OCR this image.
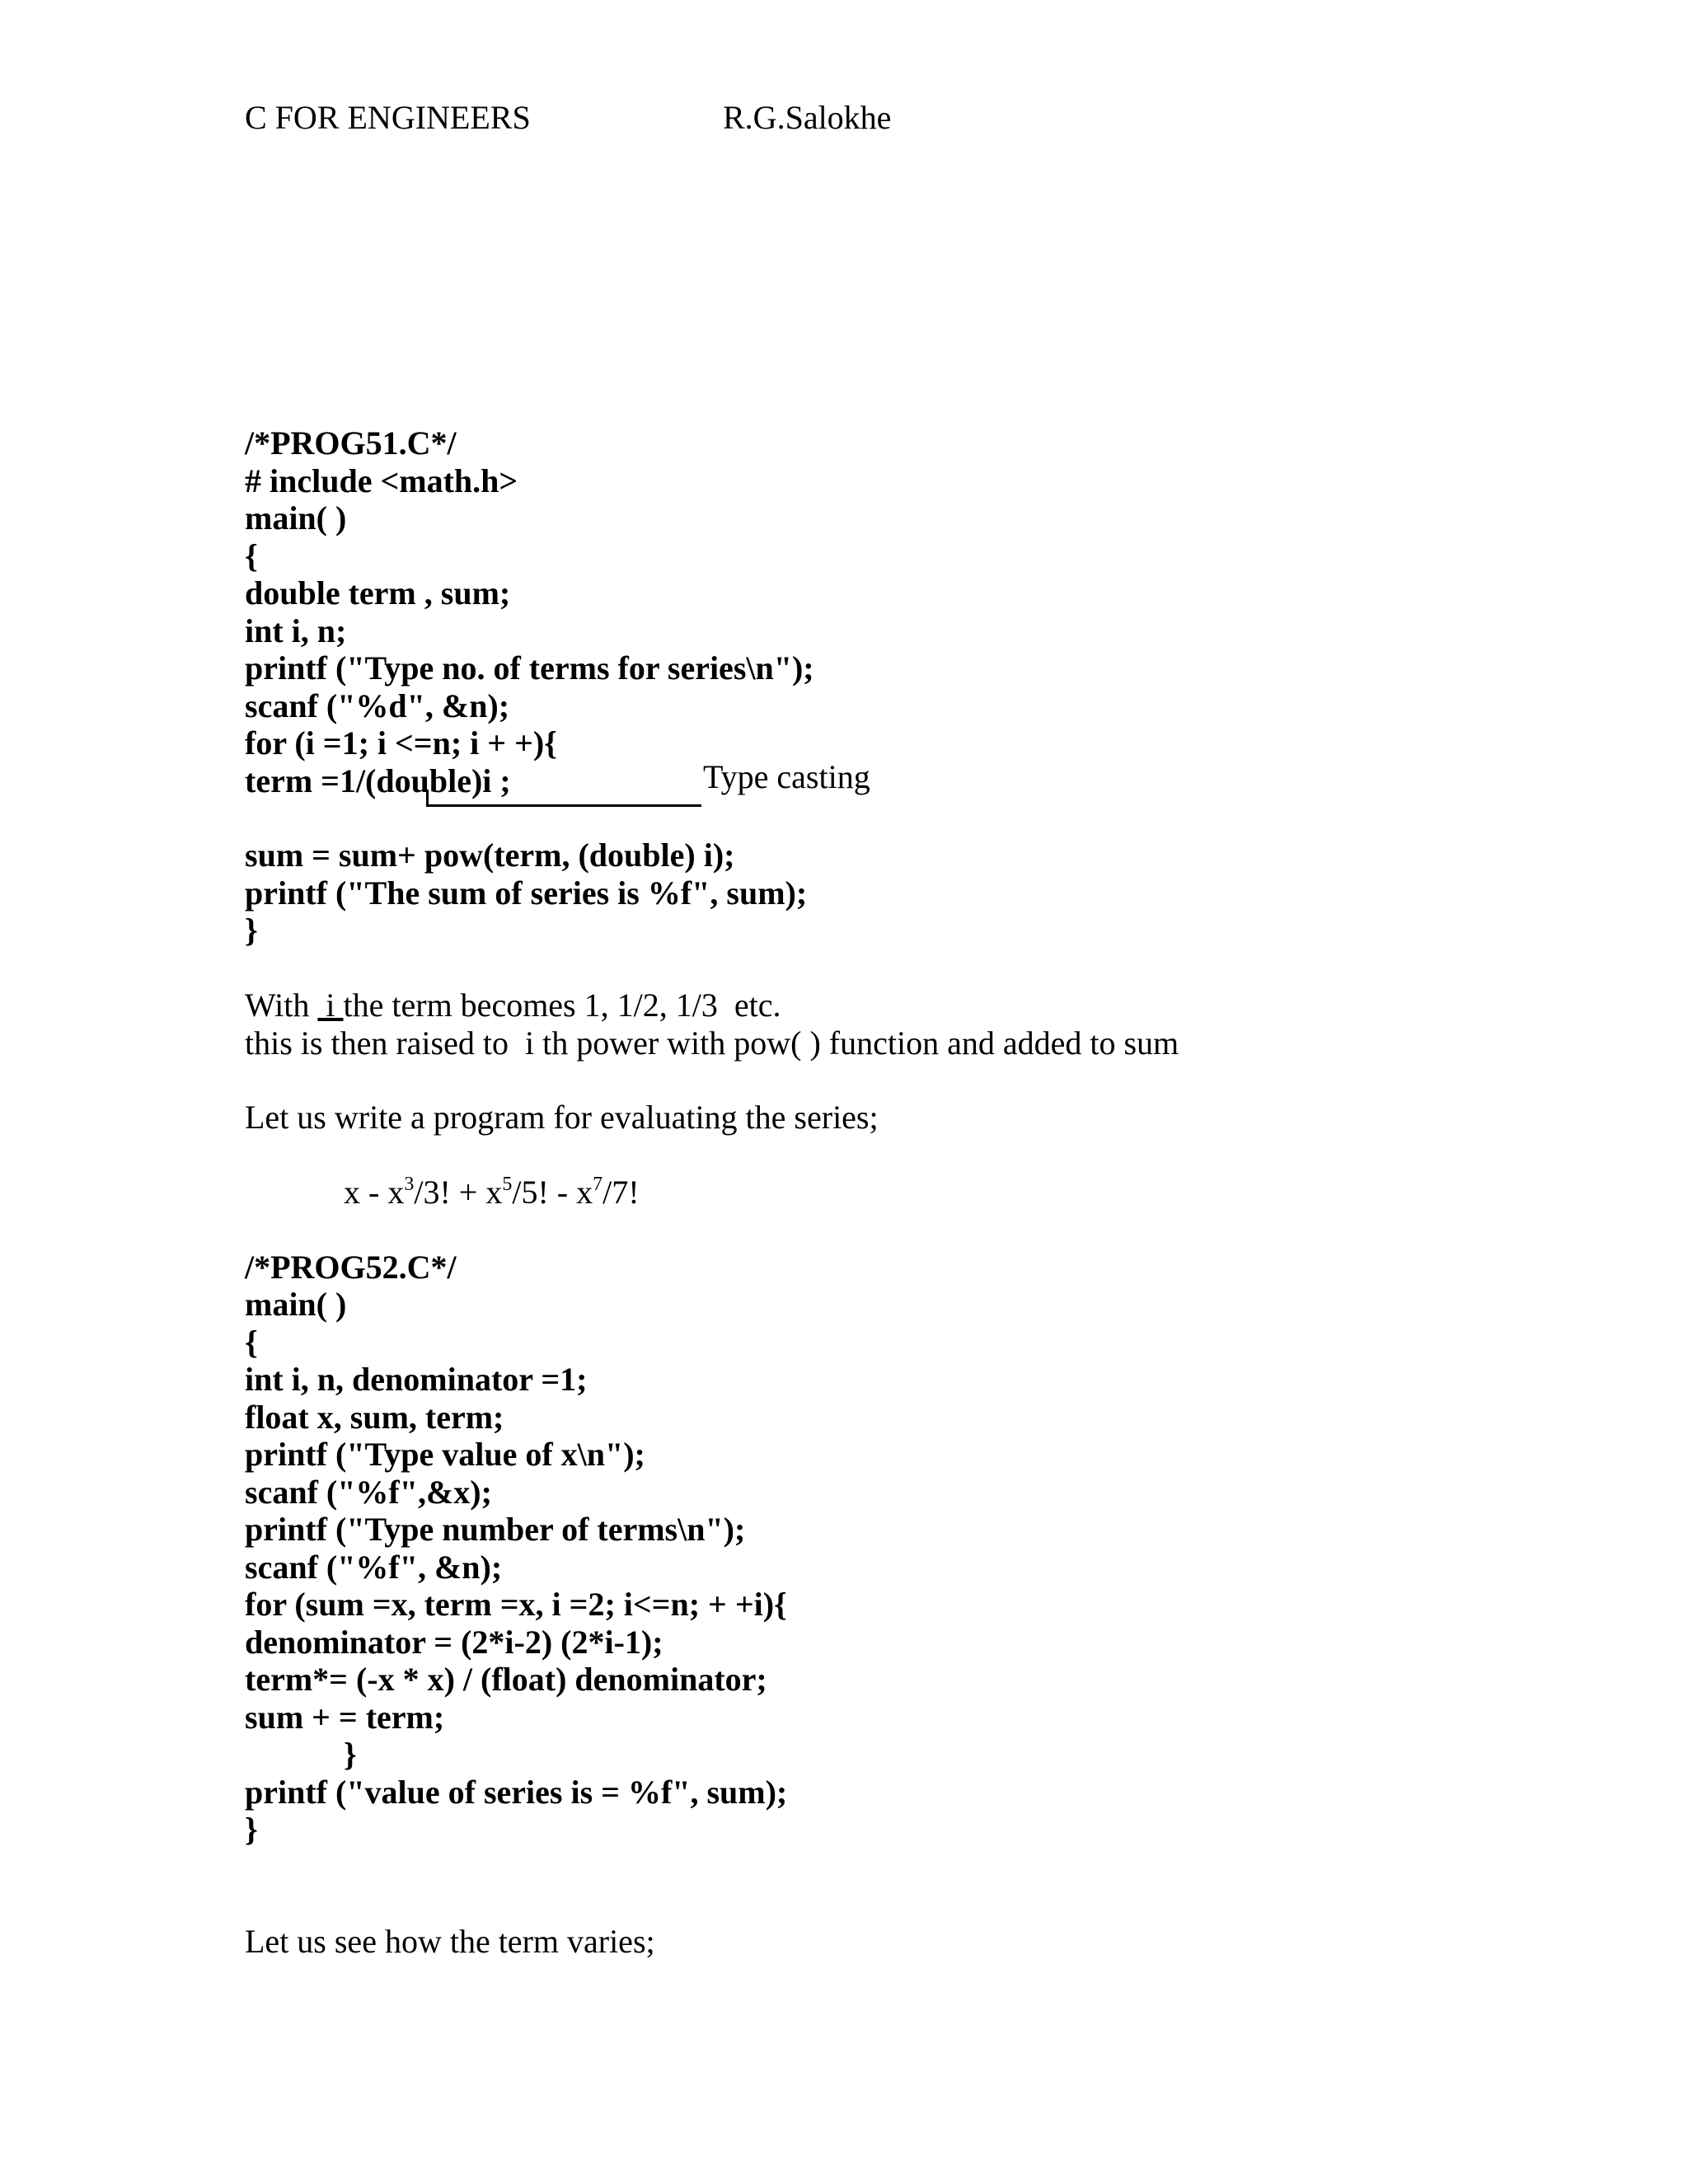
C FOR ENGINEERS	R.G.Salokhe
/*PROG51.C*/
# include <math.h>
main( )
{
double term , sum;
int i, n;
printf ("Type no. of terms for series\n");
scanf ("%d", &n);
for (i =1; i <=n; i + +){
term =1/(double)i ;
sum = sum+ pow(term, (double) i);
printf ("The sum of series is %f", sum);
}
Type casting
With  i the term becomes 1, 1/2, 1/3  etc.
this is then raised to  i th power with pow( ) function and added to sum
Let us write a program for evaluating the series;
x - $x^3/3$! + $x^5/5$! - $x^7/7$!
/*PROG52.C*/
main( )
{
int i, n, denominator =1;
float x, sum, term;
printf ("Type value of x\n");
scanf ("%f",&x);
printf ("Type number of terms\n");
scanf ("%f", &n);
for (sum =x, term =x, i =2; i<=n; + +i){
denominator = (2*i-2) (2*i-1);
term*= (-x * x) / (float) denominator;
sum + = term;
}
printf ("value of series is = %f", sum);
}
Let us see how the term varies;
